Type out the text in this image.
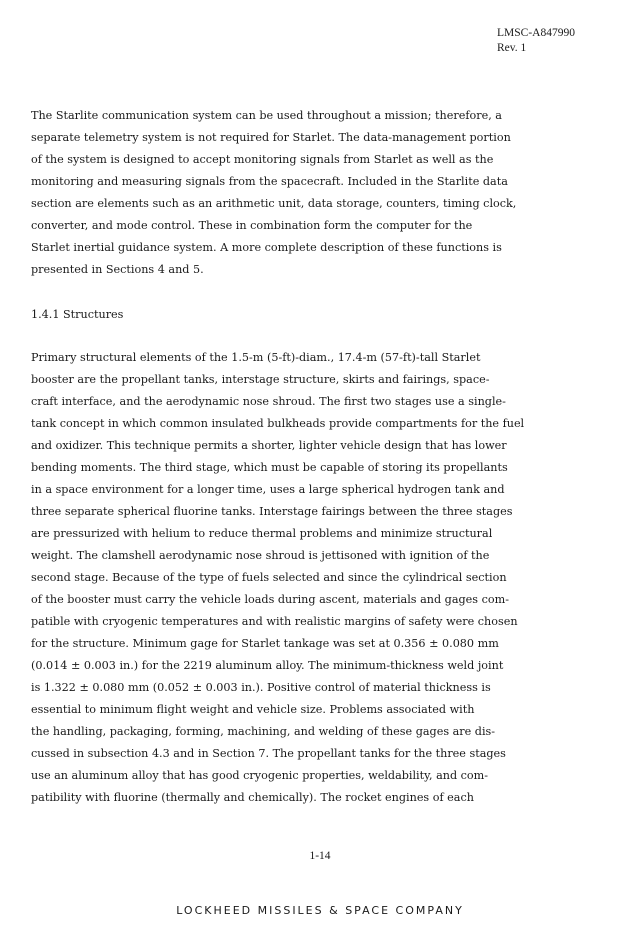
LMSC-A847990
Rev. 1
The Starlite communication system can be used throughout a mission; therefore, a
separate telemetry system is not required for Starlet. The data-management portion
of the system is designed to accept monitoring signals from Starlet as well as the
monitoring and measuring signals from the spacecraft. Included in the Starlite data
section are elements such as an arithmetic unit, data storage, counters, timing clock,
converter, and mode control. These in combination form the computer for the
Starlet inertial guidance system. A more complete description of these functions is
presented in Sections 4 and 5.
1.4.1 Structures
Primary structural elements of the 1.5-m (5-ft)-diam., 17.4-m (57-ft)-tall Starlet
booster are the propellant tanks, interstage structure, skirts and fairings, space-
craft interface, and the aerodynamic nose shroud. The first two stages use a single-
tank concept in which common insulated bulkheads provide compartments for the fuel
and oxidizer. This technique permits a shorter, lighter vehicle design that has lower
bending moments. The third stage, which must be capable of storing its propellants
in a space environment for a longer time, uses a large spherical hydrogen tank and
three separate spherical fluorine tanks. Interstage fairings between the three stages
are pressurized with helium to reduce thermal problems and minimize structural
weight. The clamshell aerodynamic nose shroud is jettisoned with ignition of the
second stage. Because of the type of fuels selected and since the cylindrical section
of the booster must carry the vehicle loads during ascent, materials and gages com-
patible with cryogenic temperatures and with realistic margins of safety were chosen
for the structure. Minimum gage for Starlet tankage was set at 0.356 ± 0.080 mm
(0.014 ± 0.003 in.) for the 2219 aluminum alloy. The minimum-thickness weld joint
is 1.322 ± 0.080 mm (0.052 ± 0.003 in.). Positive control of material thickness is
essential to minimum flight weight and vehicle size. Problems associated with
the handling, packaging, forming, machining, and welding of these gages are dis-
cussed in subsection 4.3 and in Section 7. The propellant tanks for the three stages
use an aluminum alloy that has good cryogenic properties, weldability, and com-
patibility with fluorine (thermally and chemically). The rocket engines of each
1-14
LOCKHEED MISSILES & SPACE COMPANY
